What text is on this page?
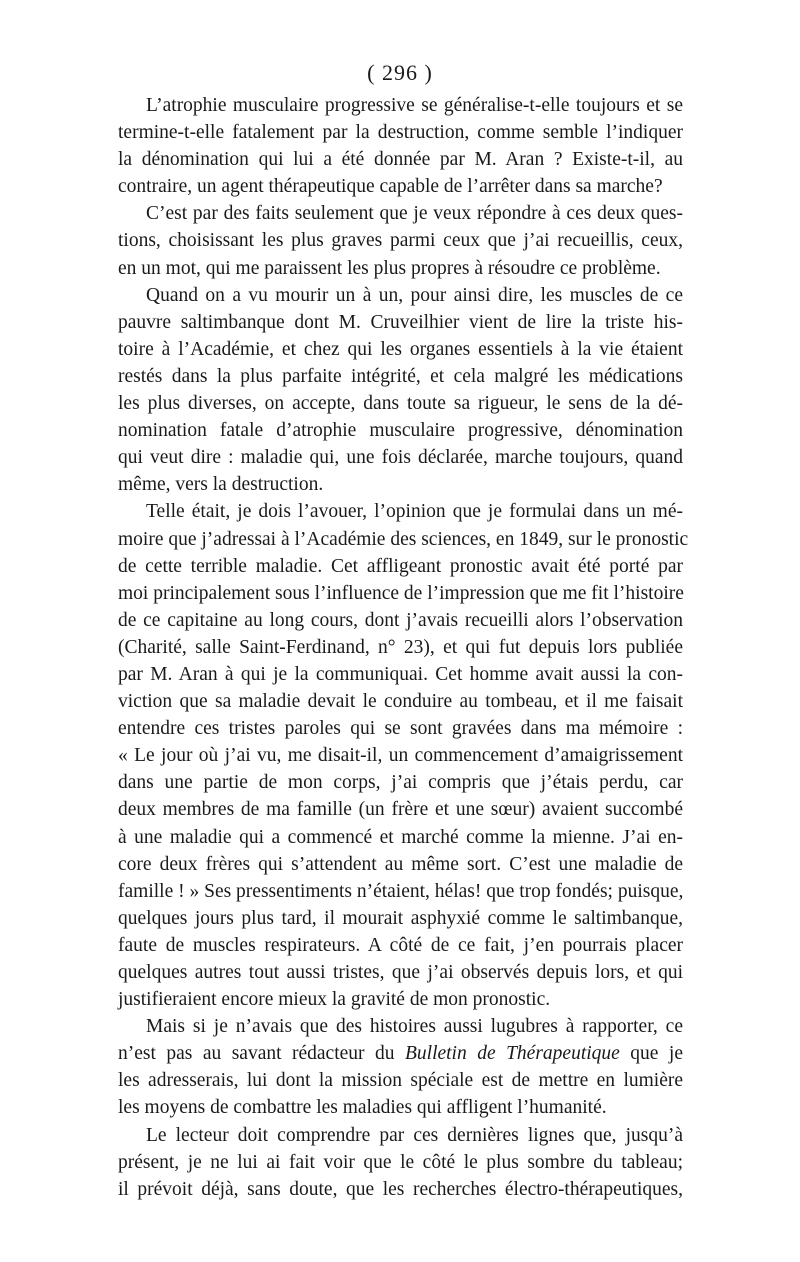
( 296 )
L’atrophie musculaire progressive se généralise-t-elle toujours et se
termine-t-elle fatalement par la destruction, comme semble l’indiquer
la dénomination qui lui a été donnée par M. Aran ? Existe-t-il, au
contraire, un agent thérapeutique capable de l’arrêter dans sa marche?
C’est par des faits seulement que je veux répondre à ces deux ques-
tions, choisissant les plus graves parmi ceux que j’ai recueillis, ceux,
en un mot, qui me paraissent les plus propres à résoudre ce problème.
Quand on a vu mourir un à un, pour ainsi dire, les muscles de ce
pauvre saltimbanque dont M. Cruveilhier vient de lire la triste his-
toire à l’Académie, et chez qui les organes essentiels à la vie étaient
restés dans la plus parfaite intégrité, et cela malgré les médications
les plus diverses, on accepte, dans toute sa rigueur, le sens de la dé-
nomination fatale d’atrophie musculaire progressive, dénomination
qui veut dire : maladie qui, une fois déclarée, marche toujours, quand
même, vers la destruction.
Telle était, je dois l’avouer, l’opinion que je formulai dans un mé-
moire que j’adressai à l’Académie des sciences, en 1849, sur le pronostic
de cette terrible maladie. Cet affligeant pronostic avait été porté par
moi principalement sous l’influence de l’impression que me fit l’histoire
de ce capitaine au long cours, dont j’avais recueilli alors l’observation
(Charité, salle Saint-Ferdinand, n° 23), et qui fut depuis lors publiée
par M. Aran à qui je la communiquai. Cet homme avait aussi la con-
viction que sa maladie devait le conduire au tombeau, et il me faisait
entendre ces tristes paroles qui se sont gravées dans ma mémoire :
« Le jour où j’ai vu, me disait-il, un commencement d’amaigrissement
dans une partie de mon corps, j’ai compris que j’étais perdu, car
deux membres de ma famille (un frère et une sœur) avaient succombé
à une maladie qui a commencé et marché comme la mienne. J’ai en-
core deux frères qui s’attendent au même sort. C’est une maladie de
famille ! » Ses pressentiments n’étaient, hélas! que trop fondés; puisque,
quelques jours plus tard, il mourait asphyxié comme le saltimbanque,
faute de muscles respirateurs. A côté de ce fait, j’en pourrais placer
quelques autres tout aussi tristes, que j’ai observés depuis lors, et qui
justifieraient encore mieux la gravité de mon pronostic.
Mais si je n’avais que des histoires aussi lugubres à rapporter, ce
n’est pas au savant rédacteur du Bulletin de Thérapeutique que je
les adresserais, lui dont la mission spéciale est de mettre en lumière
les moyens de combattre les maladies qui affligent l’humanité.
Le lecteur doit comprendre par ces dernières lignes que, jusqu’à
présent, je ne lui ai fait voir que le côté le plus sombre du tableau;
il prévoit déjà, sans doute, que les recherches électro-thérapeutiques,
